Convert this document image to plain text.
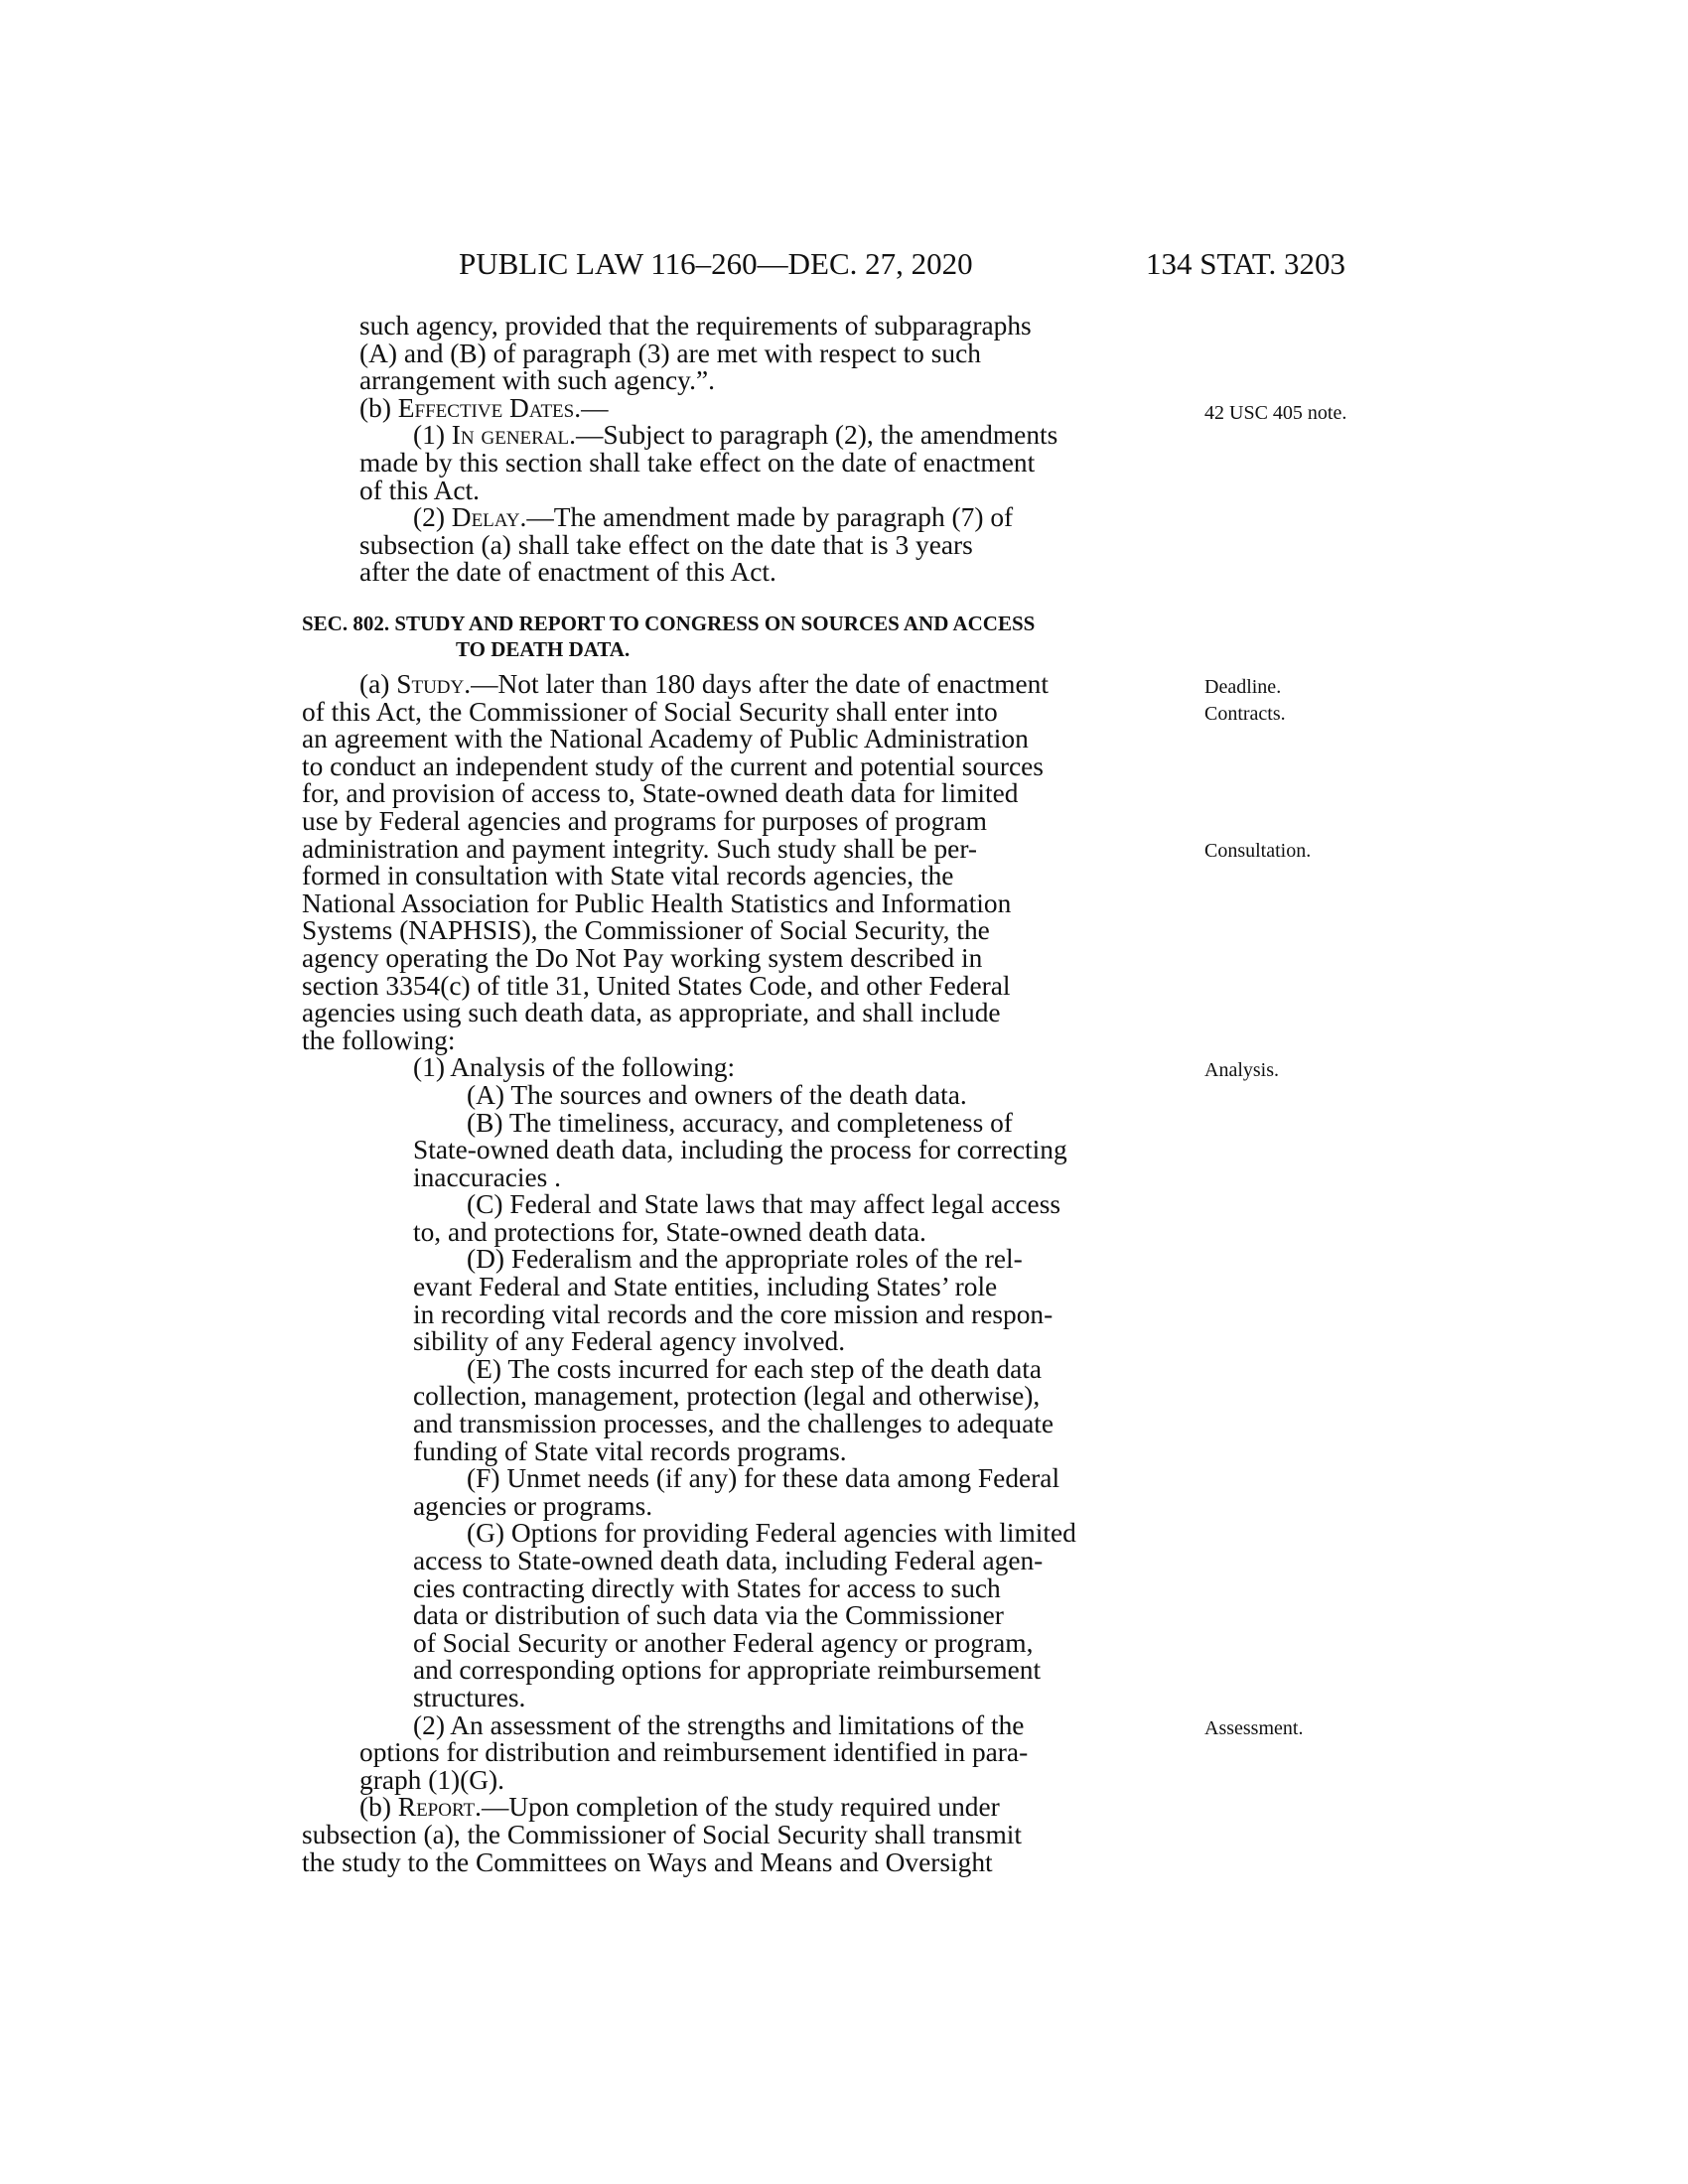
PUBLIC LAW 116–260—DEC. 27, 2020	134 STAT. 3203

such agency, provided that the requirements of subparagraphs

(A) and (B) of paragraph (3) are met with respect to such

arrangement with such agency.”.

(b) Effective Dates.—

(1) In general.—Subject to paragraph (2), the amendments

made by this section shall take effect on the date of enactment

of this Act.

(2) Delay.—The amendment made by paragraph (7) of

subsection (a) shall take effect on the date that is 3 years

after the date of enactment of this Act.

SEC. 802. STUDY AND REPORT TO CONGRESS ON SOURCES AND ACCESS

TO DEATH DATA.

(a) Study.—Not later than 180 days after the date of enactment

of this Act, the Commissioner of Social Security shall enter into

an agreement with the National Academy of Public Administration

to conduct an independent study of the current and potential sources

for, and provision of access to, State-owned death data for limited

use by Federal agencies and programs for purposes of program

administration and payment integrity. Such study shall be per-

formed in consultation with State vital records agencies, the

National Association for Public Health Statistics and Information

Systems (NAPHSIS), the Commissioner of Social Security, the

agency operating the Do Not Pay working system described in

section 3354(c) of title 31, United States Code, and other Federal

agencies using such death data, as appropriate, and shall include

the following:

(1) Analysis of the following:

(A) The sources and owners of the death data.

(B) The timeliness, accuracy, and completeness of

State-owned death data, including the process for correcting

inaccuracies .

(C) Federal and State laws that may affect legal access

to, and protections for, State-owned death data.

(D) Federalism and the appropriate roles of the rel-

evant Federal and State entities, including States’ role

in recording vital records and the core mission and respon-

sibility of any Federal agency involved.

(E) The costs incurred for each step of the death data

collection, management, protection (legal and otherwise),

and transmission processes, and the challenges to adequate

funding of State vital records programs.

(F) Unmet needs (if any) for these data among Federal

agencies or programs.

(G) Options for providing Federal agencies with limited

access to State-owned death data, including Federal agen-

cies contracting directly with States for access to such

data or distribution of such data via the Commissioner

of Social Security or another Federal agency or program,

and corresponding options for appropriate reimbursement

structures.

(2) An assessment of the strengths and limitations of the

options for distribution and reimbursement identified in para-

graph (1)(G).

(b) Report.—Upon completion of the study required under

subsection (a), the Commissioner of Social Security shall transmit

the study to the Committees on Ways and Means and Oversight

42 USC 405 note.
Deadline.
Contracts.
Consultation.
Analysis.
Assessment.
